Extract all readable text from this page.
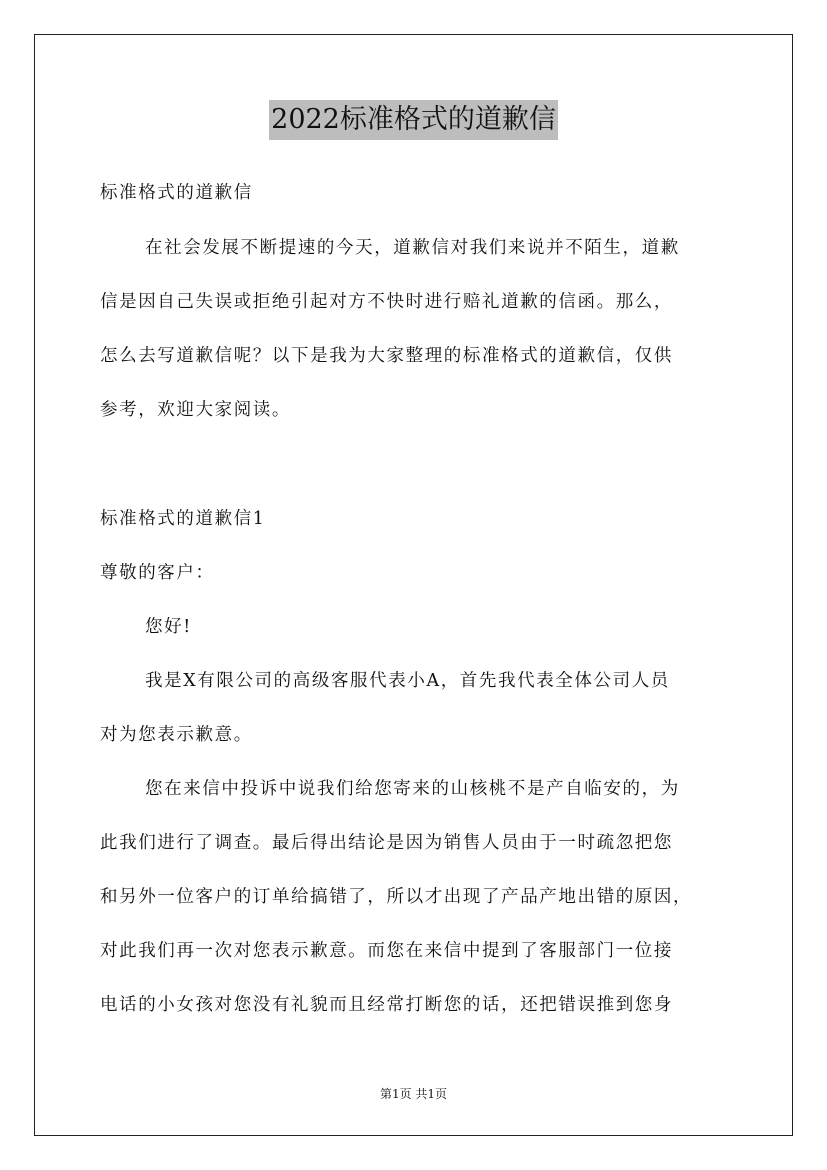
2022标准格式的道歉信
标准格式的道歉信
在社会发展不断提速的今天，道歉信对我们来说并不陌生，道歉
信是因自己失误或拒绝引起对方不快时进行赔礼道歉的信函。那么，
怎么去写道歉信呢？以下是我为大家整理的标准格式的道歉信，仅供
参考，欢迎大家阅读。
标准格式的道歉信1
尊敬的客户：
您好!
我是X有限公司的高级客服代表小A，首先我代表全体公司人员
对为您表示歉意。
您在来信中投诉中说我们给您寄来的山核桃不是产自临安的，为
此我们进行了调查。最后得出结论是因为销售人员由于一时疏忽把您
和另外一位客户的订单给搞错了，所以才出现了产品产地出错的原因，
对此我们再一次对您表示歉意。而您在来信中提到了客服部门一位接
电话的小女孩对您没有礼貌而且经常打断您的话，还把错误推到您身
第1页 共1页
